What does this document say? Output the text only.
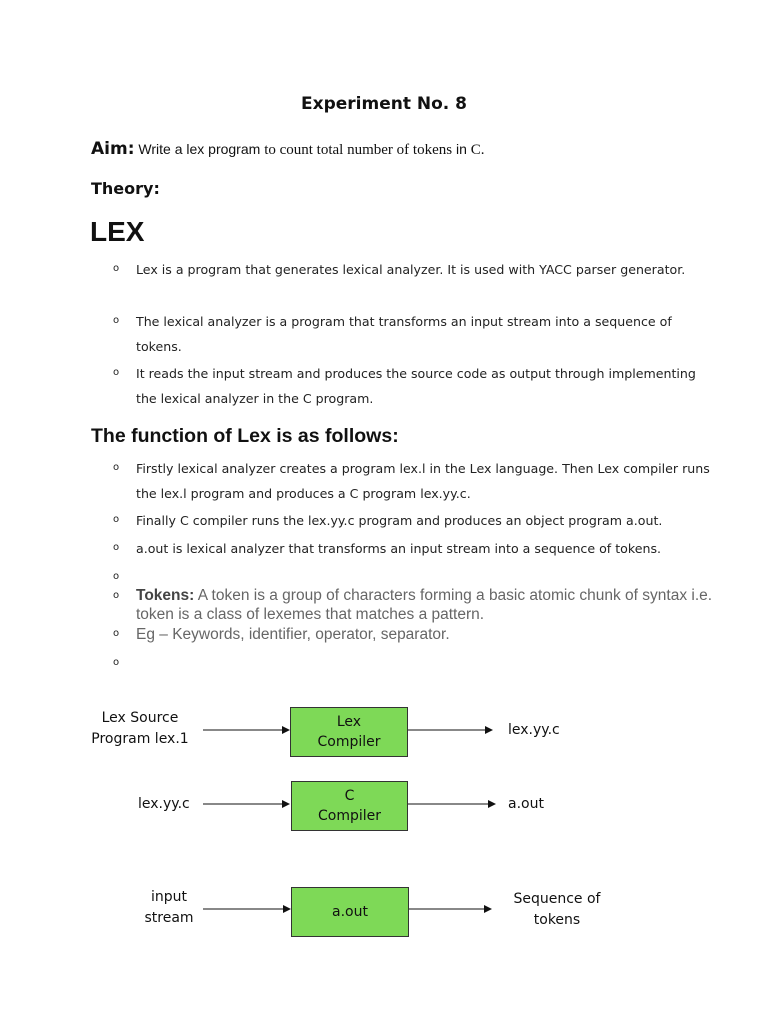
Experiment No. 8
Aim: Write a lex program to count total number of tokens in C.
Theory:
LEX
o Lex is a program that generates lexical analyzer. It is used with YACC parser generator.
o The lexical analyzer is a program that transforms an input stream into a sequence of tokens.
o It reads the input stream and produces the source code as output through implementing the lexical analyzer in the C program.
The function of Lex is as follows:
o Firstly lexical analyzer creates a program lex.l in the Lex language. Then Lex compiler runs the lex.l program and produces a C program lex.yy.c.
o Finally C compiler runs the lex.yy.c program and produces an object program a.out.
o a.out is lexical analyzer that transforms an input stream into a sequence of tokens.
o
o Tokens: A token is a group of characters forming a basic atomic chunk of syntax i.e. token is a class of lexemes that matches a pattern.
o Eg – Keywords, identifier, operator, separator.
o
Lex Source
Program lex.1
Lex
Compiler
lex.yy.c
lex.yy.c	C
Compiler
a.out
input
stream	a.out
Sequence of
tokens
